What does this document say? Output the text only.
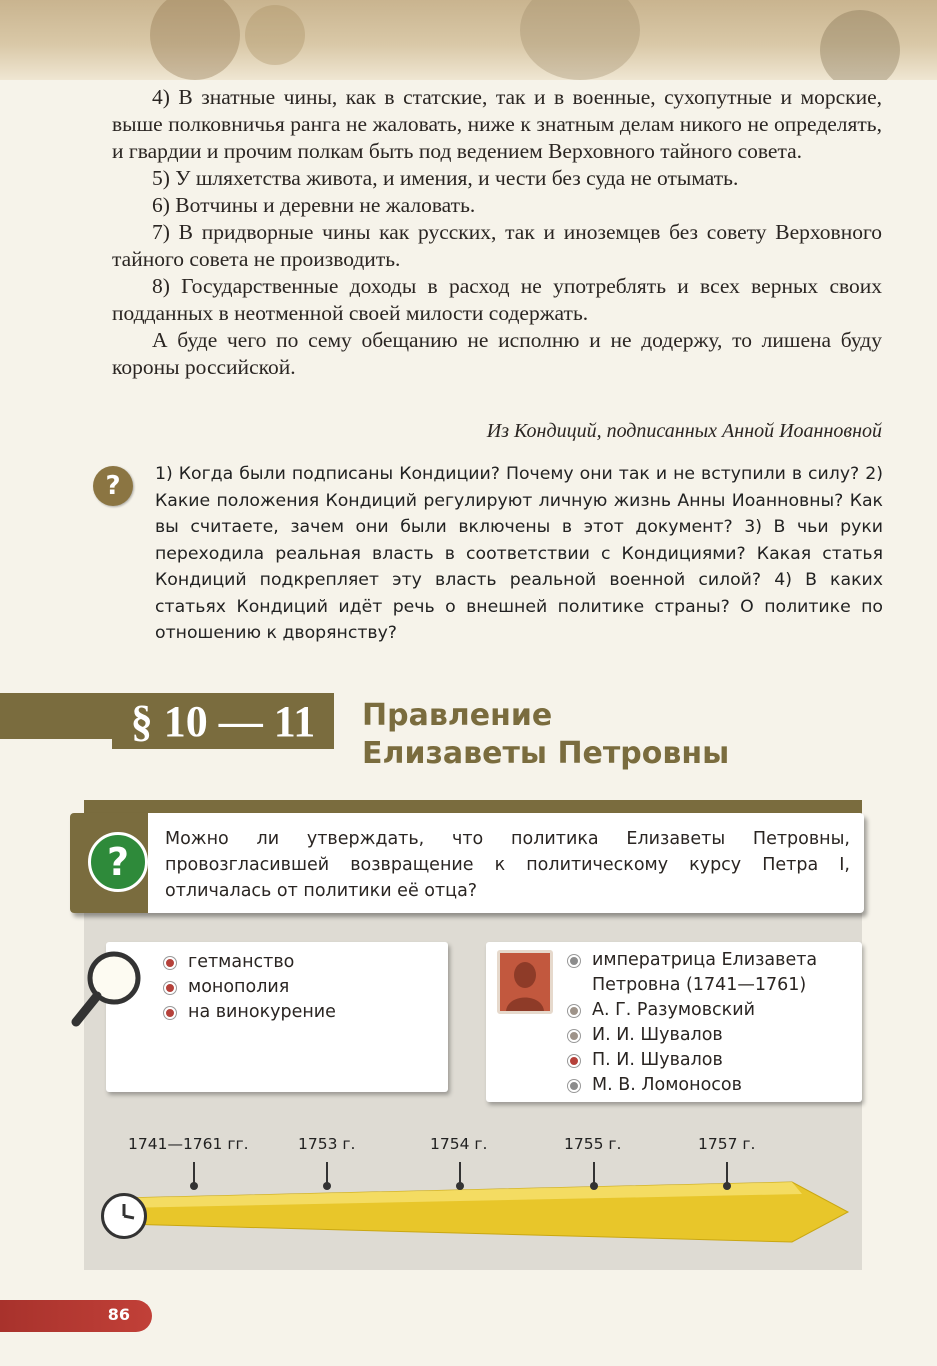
4) В знатные чины, как в статские, так и в военные, сухопутные и морские, выше полковничья ранга не жаловать, ниже к знатным делам никого не определять, и гвардии и прочим полкам быть под ведением Верховного тайного совета.

5) У шляхетства живота, и имения, и чести без суда не отымать.

6) Вотчины и деревни не жаловать.

7) В придворные чины как русских, так и иноземцев без совету Верховного тайного совета не производить.

8) Государственные доходы в расход не употреблять и всех верных своих подданных в неотменной своей милости содержать.

А буде чего по сему обещанию не исполню и не додержу, то лишена буду короны российской.

Из Кондиций, подписанных Анной Иоанновной
?	1) Когда были подписаны Кондиции? Почему они так и не вступили в силу? 2) Какие положения Кондиций регулируют личную жизнь Анны Иоанновны? Как вы считаете, зачем они были включены в этот документ? 3) В чьи руки переходила реальная власть в соответствии с Кондициями? Какая статья Кондиций подкрепляет эту власть реальной военной силой? 4) В каких статьях Кондиций идёт речь о внешней политике страны? О политике по отношению к дворянству?
§ 10 — 11	Правление
Елизаветы Петровны
?
Можно ли утверждать, что политика Елизаветы Петровны, провозгласившей возвращение к политическому курсу Петра I, отличалась от политики её отца?
гетманство
монополия
на винокурение
императрица Елизавета Петровна (1741—1761)
А. Г. Разумовский
И. И. Шувалов
П. И. Шувалов
М. В. Ломоносов
1741—1761 гг.	1753 г.	1754 г.	1755 г.	1757 г.
86
